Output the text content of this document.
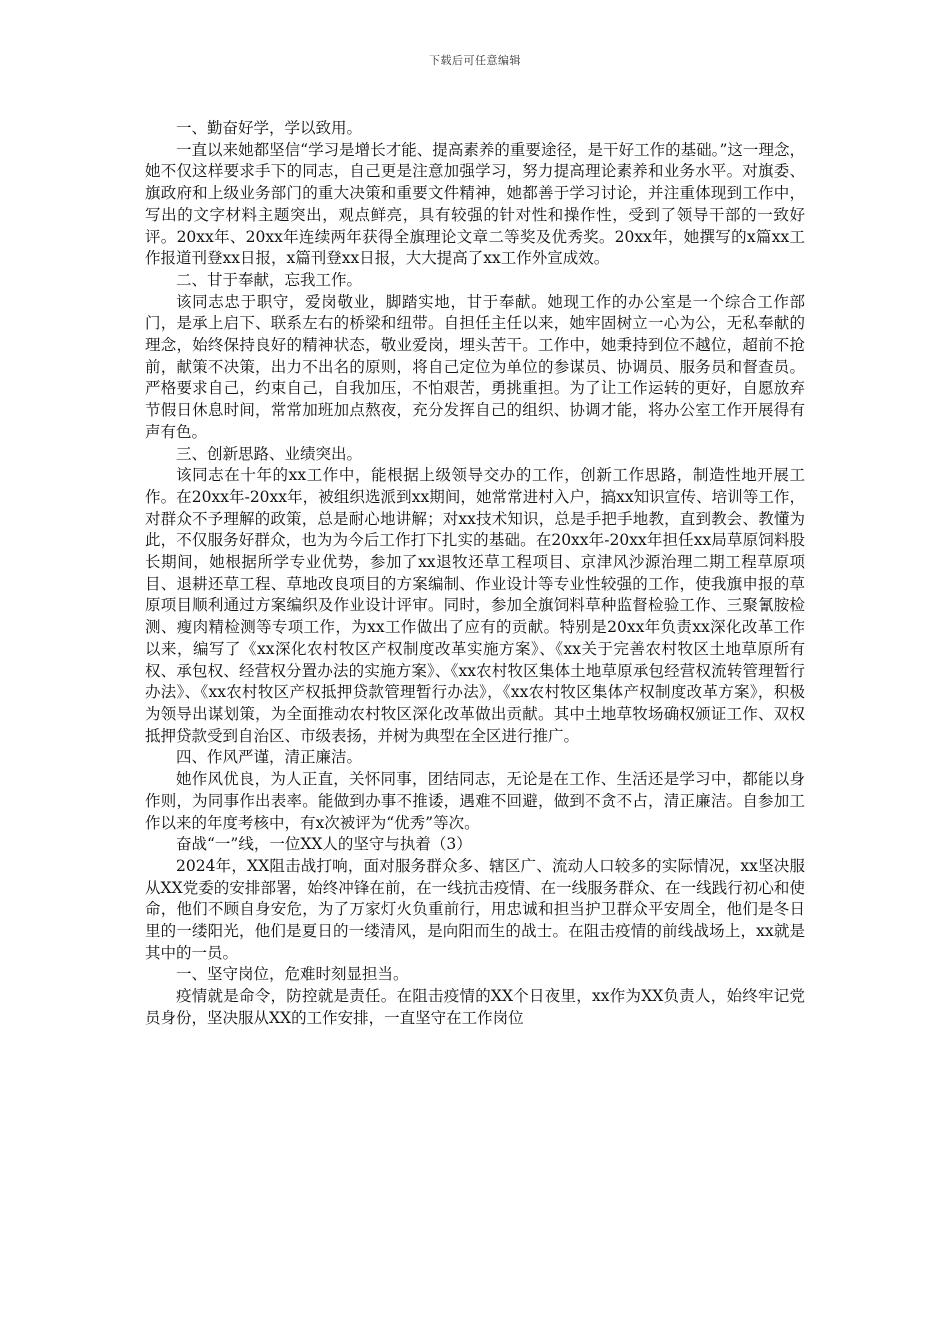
下载后可任意编辑

一、勤奋好学，学以致用。

一直以来她都坚信“学习是增长才能、提高素养的重要途径，是干好工作的基础。”这一理念，她不仅这样要求手下的同志，自己更是注意加强学习，努力提高理论素养和业务水平。对旗委、旗政府和上级业务部门的重大决策和重要文件精神，她都善于学习讨论，并注重体现到工作中，写出的文字材料主题突出，观点鲜亮，具有较强的针对性和操作性，受到了领导干部的一致好评。20xx年、20xx年连续两年获得全旗理论文章二等奖及优秀奖。20xx年，她撰写的x篇xx工作报道刊登xx日报，x篇刊登xx日报，大大提高了xx工作外宣成效。

二、甘于奉献，忘我工作。

该同志忠于职守，爱岗敬业，脚踏实地，甘于奉献。她现工作的办公室是一个综合工作部门，是承上启下、联系左右的桥梁和纽带。自担任主任以来，她牢固树立一心为公，无私奉献的理念，始终保持良好的精神状态，敬业爱岗，埋头苦干。工作中，她秉持到位不越位，超前不抢前，献策不决策，出力不出名的原则，将自己定位为单位的参谋员、协调员、服务员和督查员。严格要求自己，约束自己，自我加压，不怕艰苦，勇挑重担。为了让工作运转的更好，自愿放弃节假日休息时间，常常加班加点熬夜，充分发挥自己的组织、协调才能，将办公室工作开展得有声有色。

三、创新思路、业绩突出。

该同志在十年的xx工作中，能根据上级领导交办的工作，创新工作思路，制造性地开展工作。在20xx年-20xx年，被组织选派到xx期间，她常常进村入户，搞xx知识宣传、培训等工作，对群众不予理解的政策，总是耐心地讲解；对xx技术知识，总是手把手地教，直到教会、教懂为此，不仅服务好群众，也为为今后工作打下扎实的基础。在20xx年-20xx年担任xx局草原饲料股长期间，她根据所学专业优势，参加了xx退牧还草工程项目、京津风沙源治理二期工程草原项目、退耕还草工程、草地改良项目的方案编制、作业设计等专业性较强的工作，使我旗申报的草原项目顺利通过方案编织及作业设计评审。同时，参加全旗饲料草种监督检验工作、三聚氰胺检测、瘦肉精检测等专项工作，为xx工作做出了应有的贡献。特别是20xx年负责xx深化改革工作以来，编写了《xx深化农村牧区产权制度改革实施方案》、《xx关于完善农村牧区土地草原所有权、承包权、经营权分置办法的实施方案》、《xx农村牧区集体土地草原承包经营权流转管理暂行办法》、《xx农村牧区产权抵押贷款管理暂行办法》，《xx农村牧区集体产权制度改革方案》，积极为领导出谋划策，为全面推动农村牧区深化改革做出贡献。其中土地草牧场确权颁证工作、双权抵押贷款受到自治区、市级表扬，并树为典型在全区进行推广。

四、作风严谨，清正廉洁。

她作风优良，为人正直，关怀同事，团结同志，无论是在工作、生活还是学习中，都能以身作则，为同事作出表率。能做到办事不推诿，遇难不回避，做到不贪不占，清正廉洁。自参加工作以来的年度考核中，有x次被评为“优秀”等次。

奋战“一”线，一位XX人的坚守与执着（3）

2024年，XX阻击战打响，面对服务群众多、辖区广、流动人口较多的实际情况，xx坚决服从XX党委的安排部署，始终冲锋在前，在一线抗击疫情、在一线服务群众、在一线践行初心和使命，他们不顾自身安危，为了万家灯火负重前行，用忠诚和担当护卫群众平安周全，他们是冬日里的一缕阳光，他们是夏日的一缕清风，是向阳而生的战士。在阻击疫情的前线战场上，xx就是其中的一员。

一、坚守岗位，危难时刻显担当。

疫情就是命令，防控就是责任。在阻击疫情的XX个日夜里，xx作为XX负责人，始终牢记党员身份，坚决服从XX的工作安排，一直坚守在工作岗位
